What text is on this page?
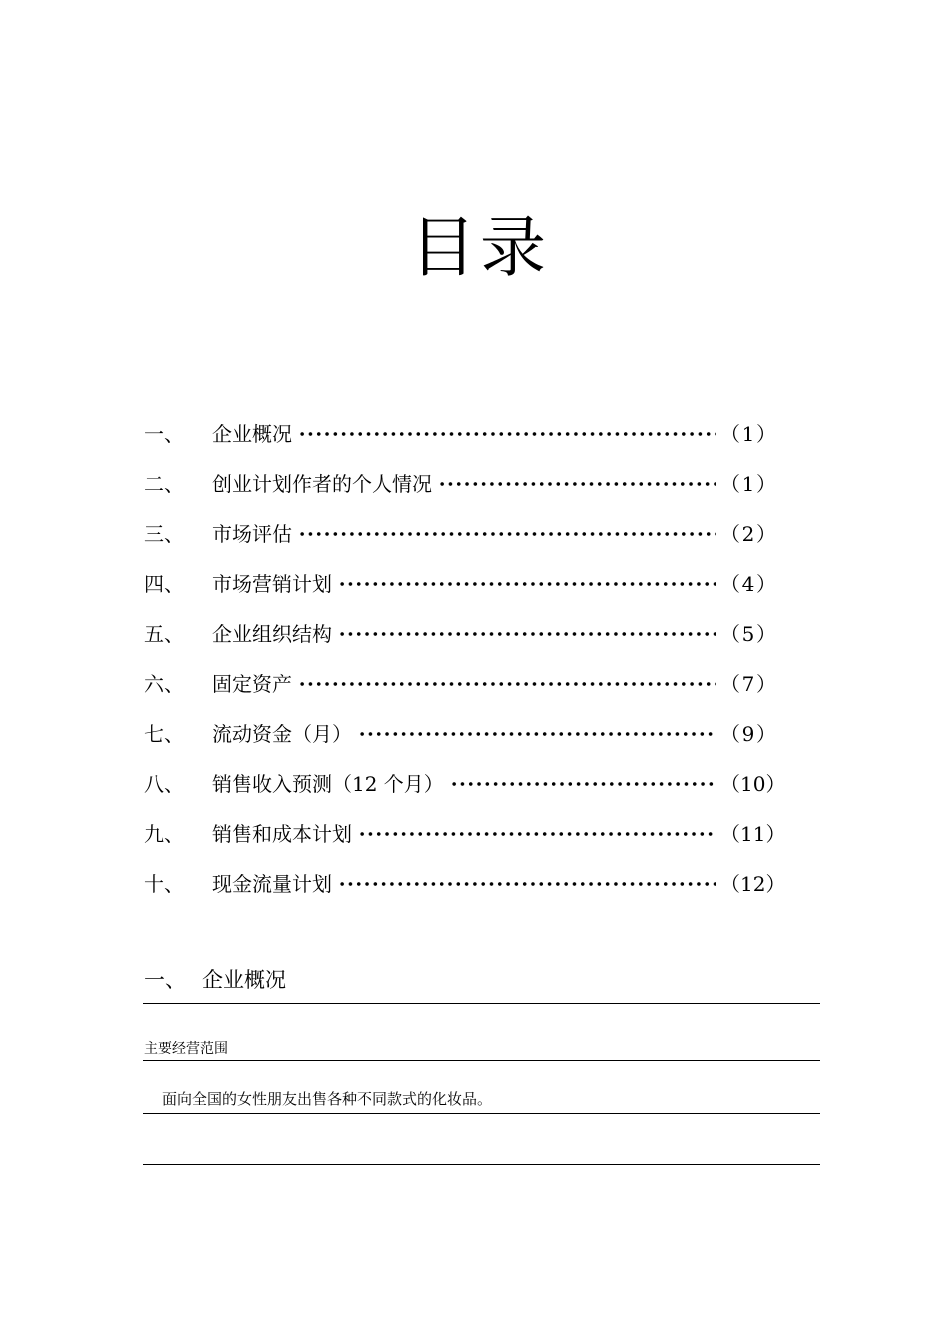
目录
一、	企业概况	（ 1 ）
二、	创业计划作者的个人情况	（ 1 ）
三、	市场评估	（ 2 ）
四、	市场营销计划	（ 4 ）
五、	企业组织结构	（ 5 ）
六、	固定资产	（ 7 ）
七、	流动资金（月）	（ 9 ）
八、	销售收入预测（12 个月）	（ 10 ）
九、	销售和成本计划	（ 11 ）
十、	现金流量计划	（ 12 ）
一、 企业概况
主要经营范围
面向全国的女性朋友出售各种不同款式的化妆品。
